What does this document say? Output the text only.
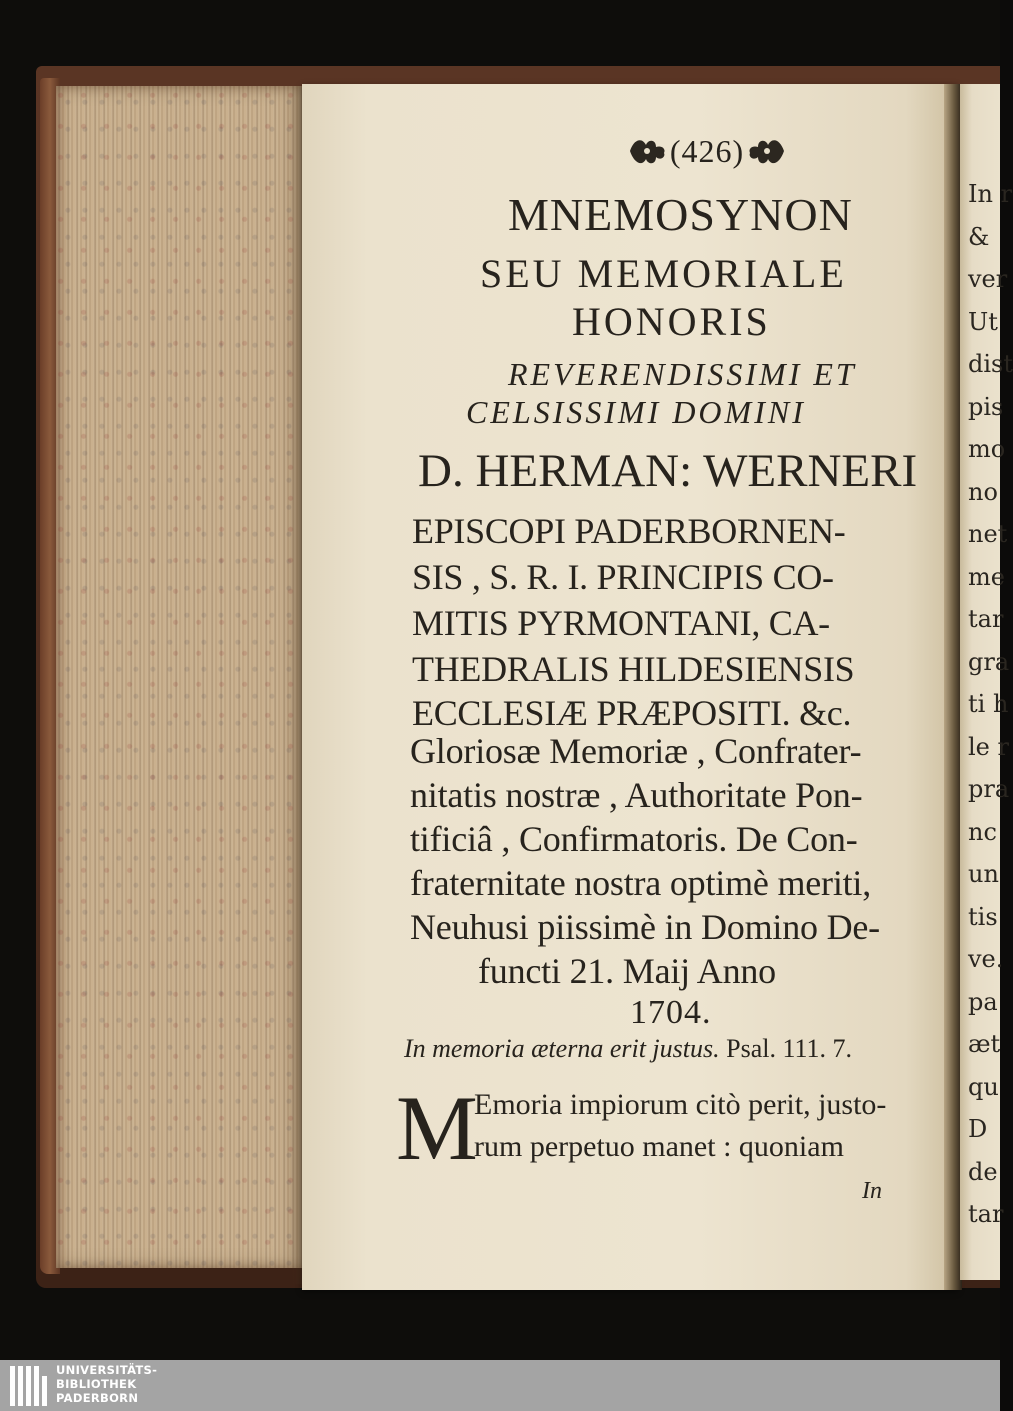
In r
&
ver
Ut
dist
pis
mo
no
net
me
tar
gra
ti h
le r
pra
nc
un
tis
ve.
pa
æt
qu
D
de
tar
(426)
MNEMOSYNON
SEU MEMORIALE
HONORIS
REVERENDISSIMI ET
CELSISSIMI DOMINI
D. HERMAN: WERNERI
EPISCOPI PADERBORNEN-
SIS , S. R. I. PRINCIPIS CO-
MITIS PYRMONTANI, CA-
THEDRALIS HILDESIENSIS
ECCLESIÆ PRÆPOSITI. &c.
Gloriosæ Memoriæ , Confrater-
nitatis nostræ , Authoritate Pon-
tificiâ , Confirmatoris. De Con-
fraternitate nostra optimè meriti,
Neuhusi piissimè in Domino De-
functi 21. Maij Anno
1704.
In memoria æterna erit justus. Psal. 111. 7.
M
Emoria impiorum citò perit, justo-
rum perpetuo manet : quoniam
In
UNIVERSITÄTS-
BIBLIOTHEK
PADERBORN
